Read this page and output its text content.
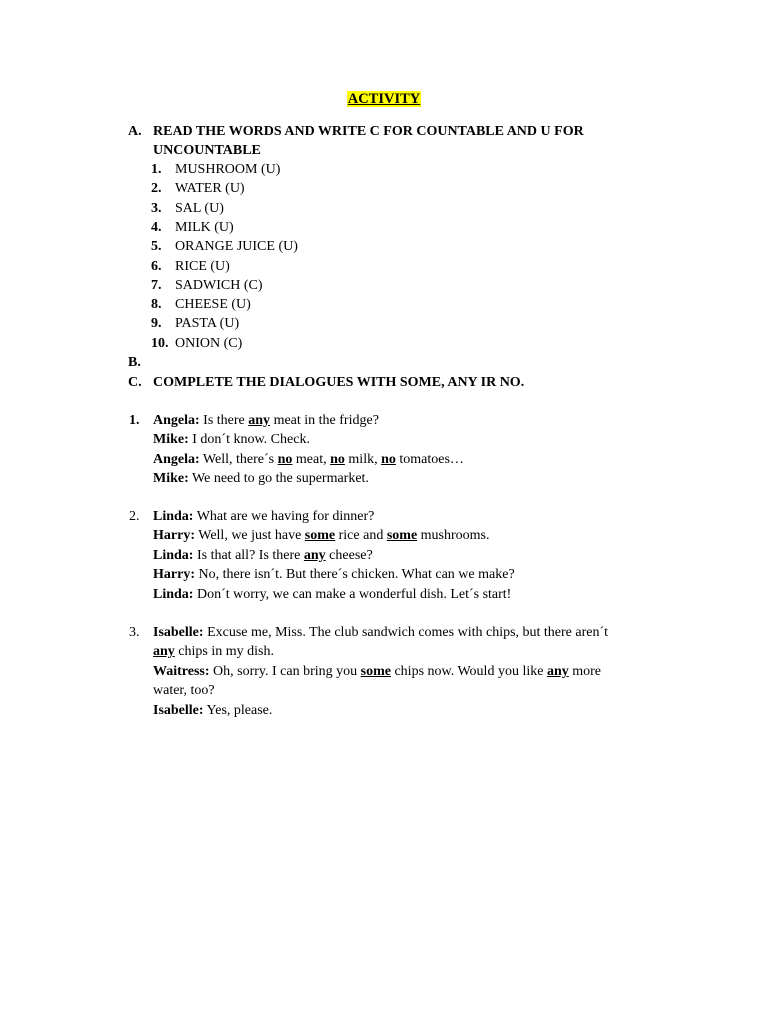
ACTIVITY
A. READ THE WORDS AND WRITE C FOR COUNTABLE AND U FOR
UNCOUNTABLE
1. MUSHROOM (U)
2. WATER (U)
3. SAL (U)
4. MILK (U)
5. ORANGE JUICE (U)
6. RICE (U)
7. SADWICH (C)
8. CHEESE (U)
9. PASTA (U)
10. ONION (C)
B.
C. COMPLETE THE DIALOGUES WITH SOME, ANY IR NO.
1. Angela: Is there any meat in the fridge?
Mike: I don´t know. Check.
Angela: Well, there´s no meat, no milk, no tomatoes…
Mike: We need to go the supermarket.
2. Linda: What are we having for dinner?
Harry: Well, we just have some rice and some mushrooms.
Linda: Is that all? Is there any cheese?
Harry: No, there isn´t. But there´s chicken. What can we make?
Linda: Don´t worry, we can make a wonderful dish. Let´s start!
3. Isabelle: Excuse me, Miss. The club sandwich comes with chips, but there aren´t
any chips in my dish.
Waitress: Oh, sorry. I can bring you some chips now. Would you like any more
water, too?
Isabelle: Yes, please.
